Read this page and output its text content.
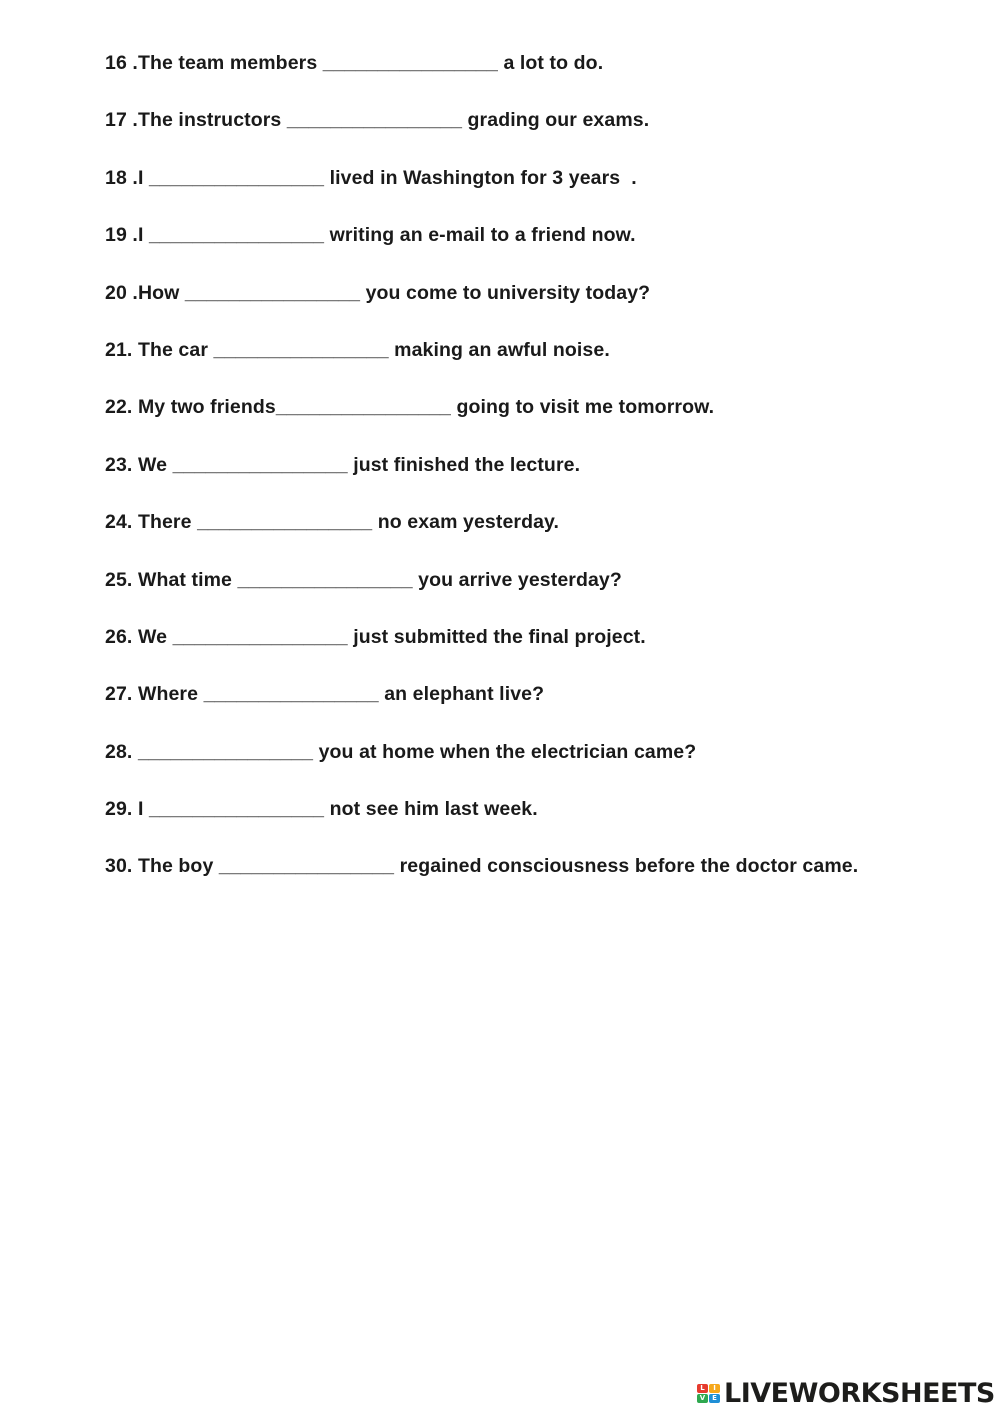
16 .The team members ________________ a lot to do.
17 .The instructors ________________ grading our exams.
18 .I ________________ lived in Washington for 3 years  .
19 .I ________________ writing an e-mail to a friend now.
20 .How ________________ you come to university today?
21. The car ________________ making an awful noise.
22. My two friends________________ going to visit me tomorrow.
23. We ________________ just finished the lecture.
24. There ________________ no exam yesterday.
25. What time ________________ you arrive yesterday?
26. We ________________ just submitted the final project.
27. Where ________________ an elephant live?
28. ________________ you at home when the electrician came?
29. I ________________ not see him last week.
30. The boy ________________ regained consciousness before the doctor came.
L	I
V E LIVEWORKSHEETS
